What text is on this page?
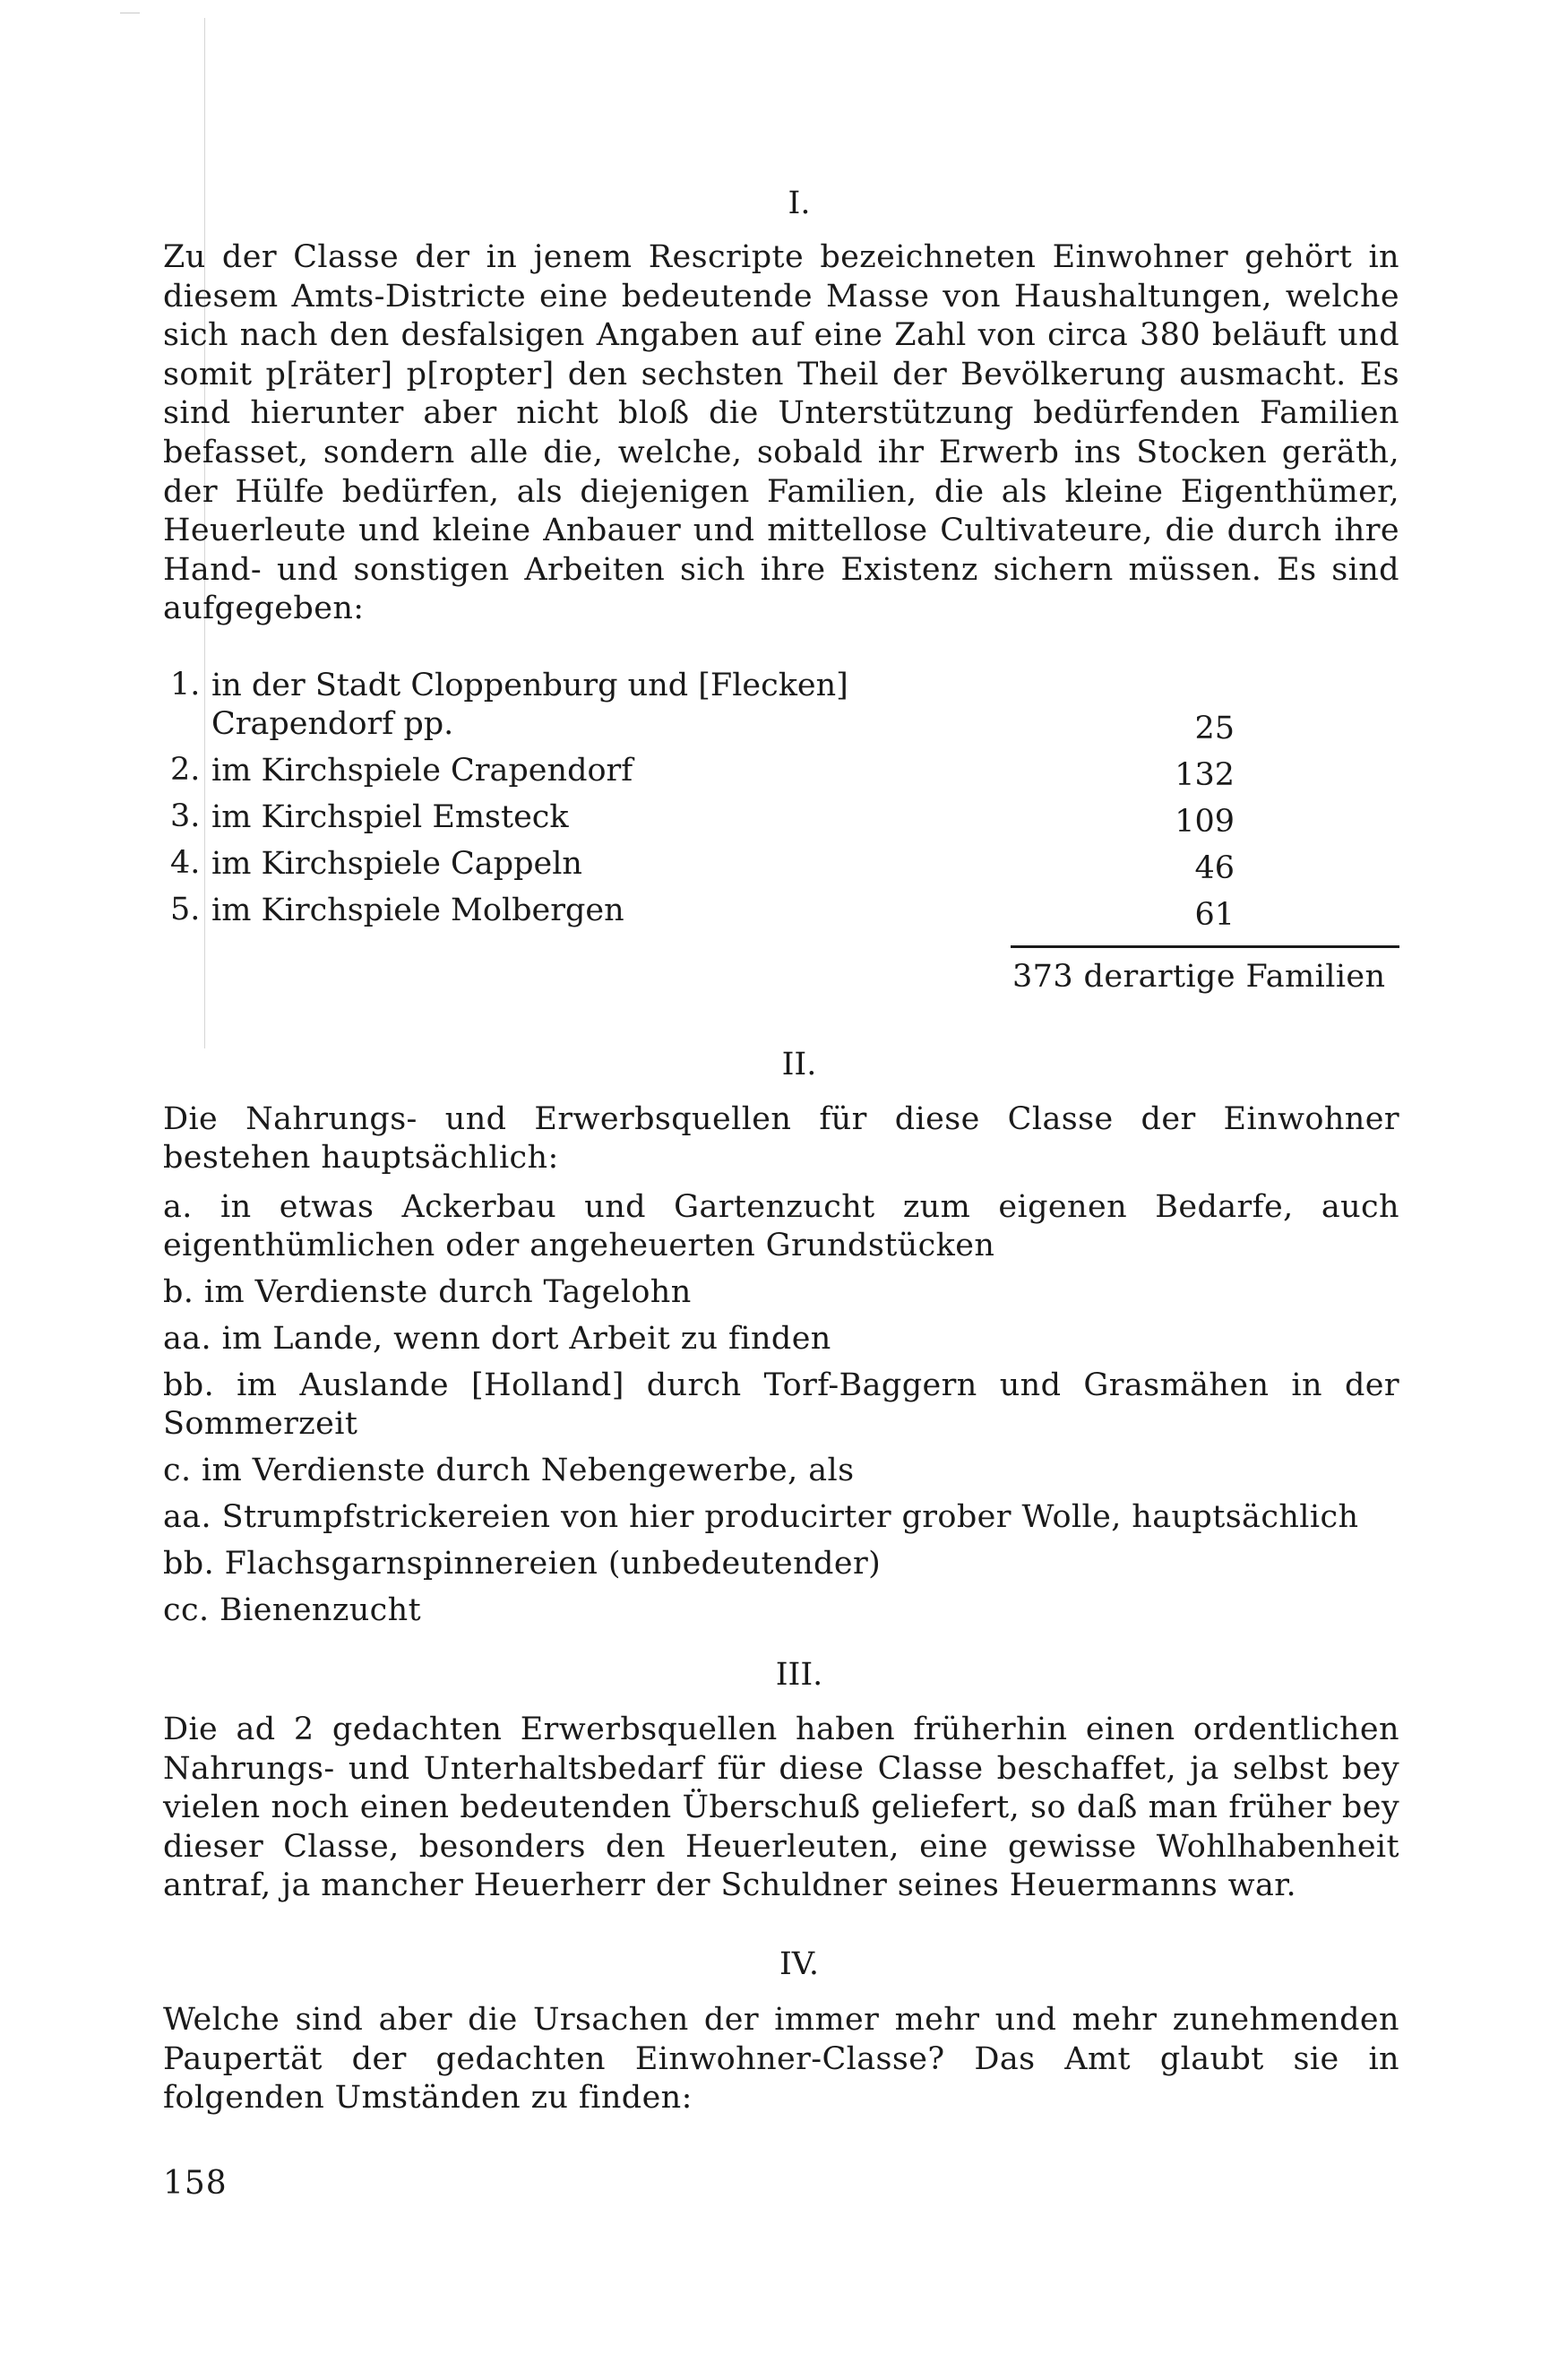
I.

Zu der Classe der in jenem Rescripte bezeichneten Einwohner gehört in diesem Amts-Districte eine bedeutende Masse von Haushaltungen, welche sich nach den desfalsigen Angaben auf eine Zahl von circa 380 beläuft und somit p[räter] p[ropter] den sechsten Theil der Bevölkerung ausmacht. Es sind hierunter aber nicht bloß die Unterstützung bedürfenden Familien befasset, sondern alle die, welche, sobald ihr Erwerb ins Stocken geräth, der Hülfe bedürfen, als diejenigen Familien, die als kleine Eigenthümer, Heuerleute und kleine Anbauer und mittellose Cultivateure, die durch ihre Hand- und sonstigen Arbeiten sich ihre Existenz sichern müssen. Es sind aufgegeben:

1. in der Stadt Cloppenburg und [Flecken]
Crapendorf pp.	25
2. im Kirchspiele Crapendorf	132
3. im Kirchspiel Emsteck	109
4. im Kirchspiele Cappeln	46
5. im Kirchspiele Molbergen	61
373 derartige Familien
II.

Die Nahrungs- und Erwerbsquellen für diese Classe der Einwohner bestehen hauptsächlich:

a. in etwas Ackerbau und Gartenzucht zum eigenen Bedarfe, auch eigenthümlichen oder angeheuerten Grundstücken

b. im Verdienste durch Tagelohn

aa. im Lande, wenn dort Arbeit zu finden

bb. im Auslande [Holland] durch Torf-Baggern und Grasmähen in der Sommerzeit

c. im Verdienste durch Nebengewerbe, als

aa. Strumpfstrickereien von hier producirter grober Wolle, hauptsächlich

bb. Flachsgarnspinnereien (unbedeutender)

cc. Bienenzucht

III.

Die ad 2 gedachten Erwerbsquellen haben früherhin einen ordentlichen Nahrungs- und Unterhaltsbedarf für diese Classe beschaffet, ja selbst bey vielen noch einen bedeutenden Überschuß geliefert, so daß man früher bey dieser Classe, besonders den Heuerleuten, eine gewisse Wohlhabenheit antraf, ja mancher Heuerherr der Schuldner seines Heuermanns war.

IV.

Welche sind aber die Ursachen der immer mehr und mehr zunehmenden Paupertät der gedachten Einwohner-Classe? Das Amt glaubt sie in folgenden Umständen zu finden:

158
